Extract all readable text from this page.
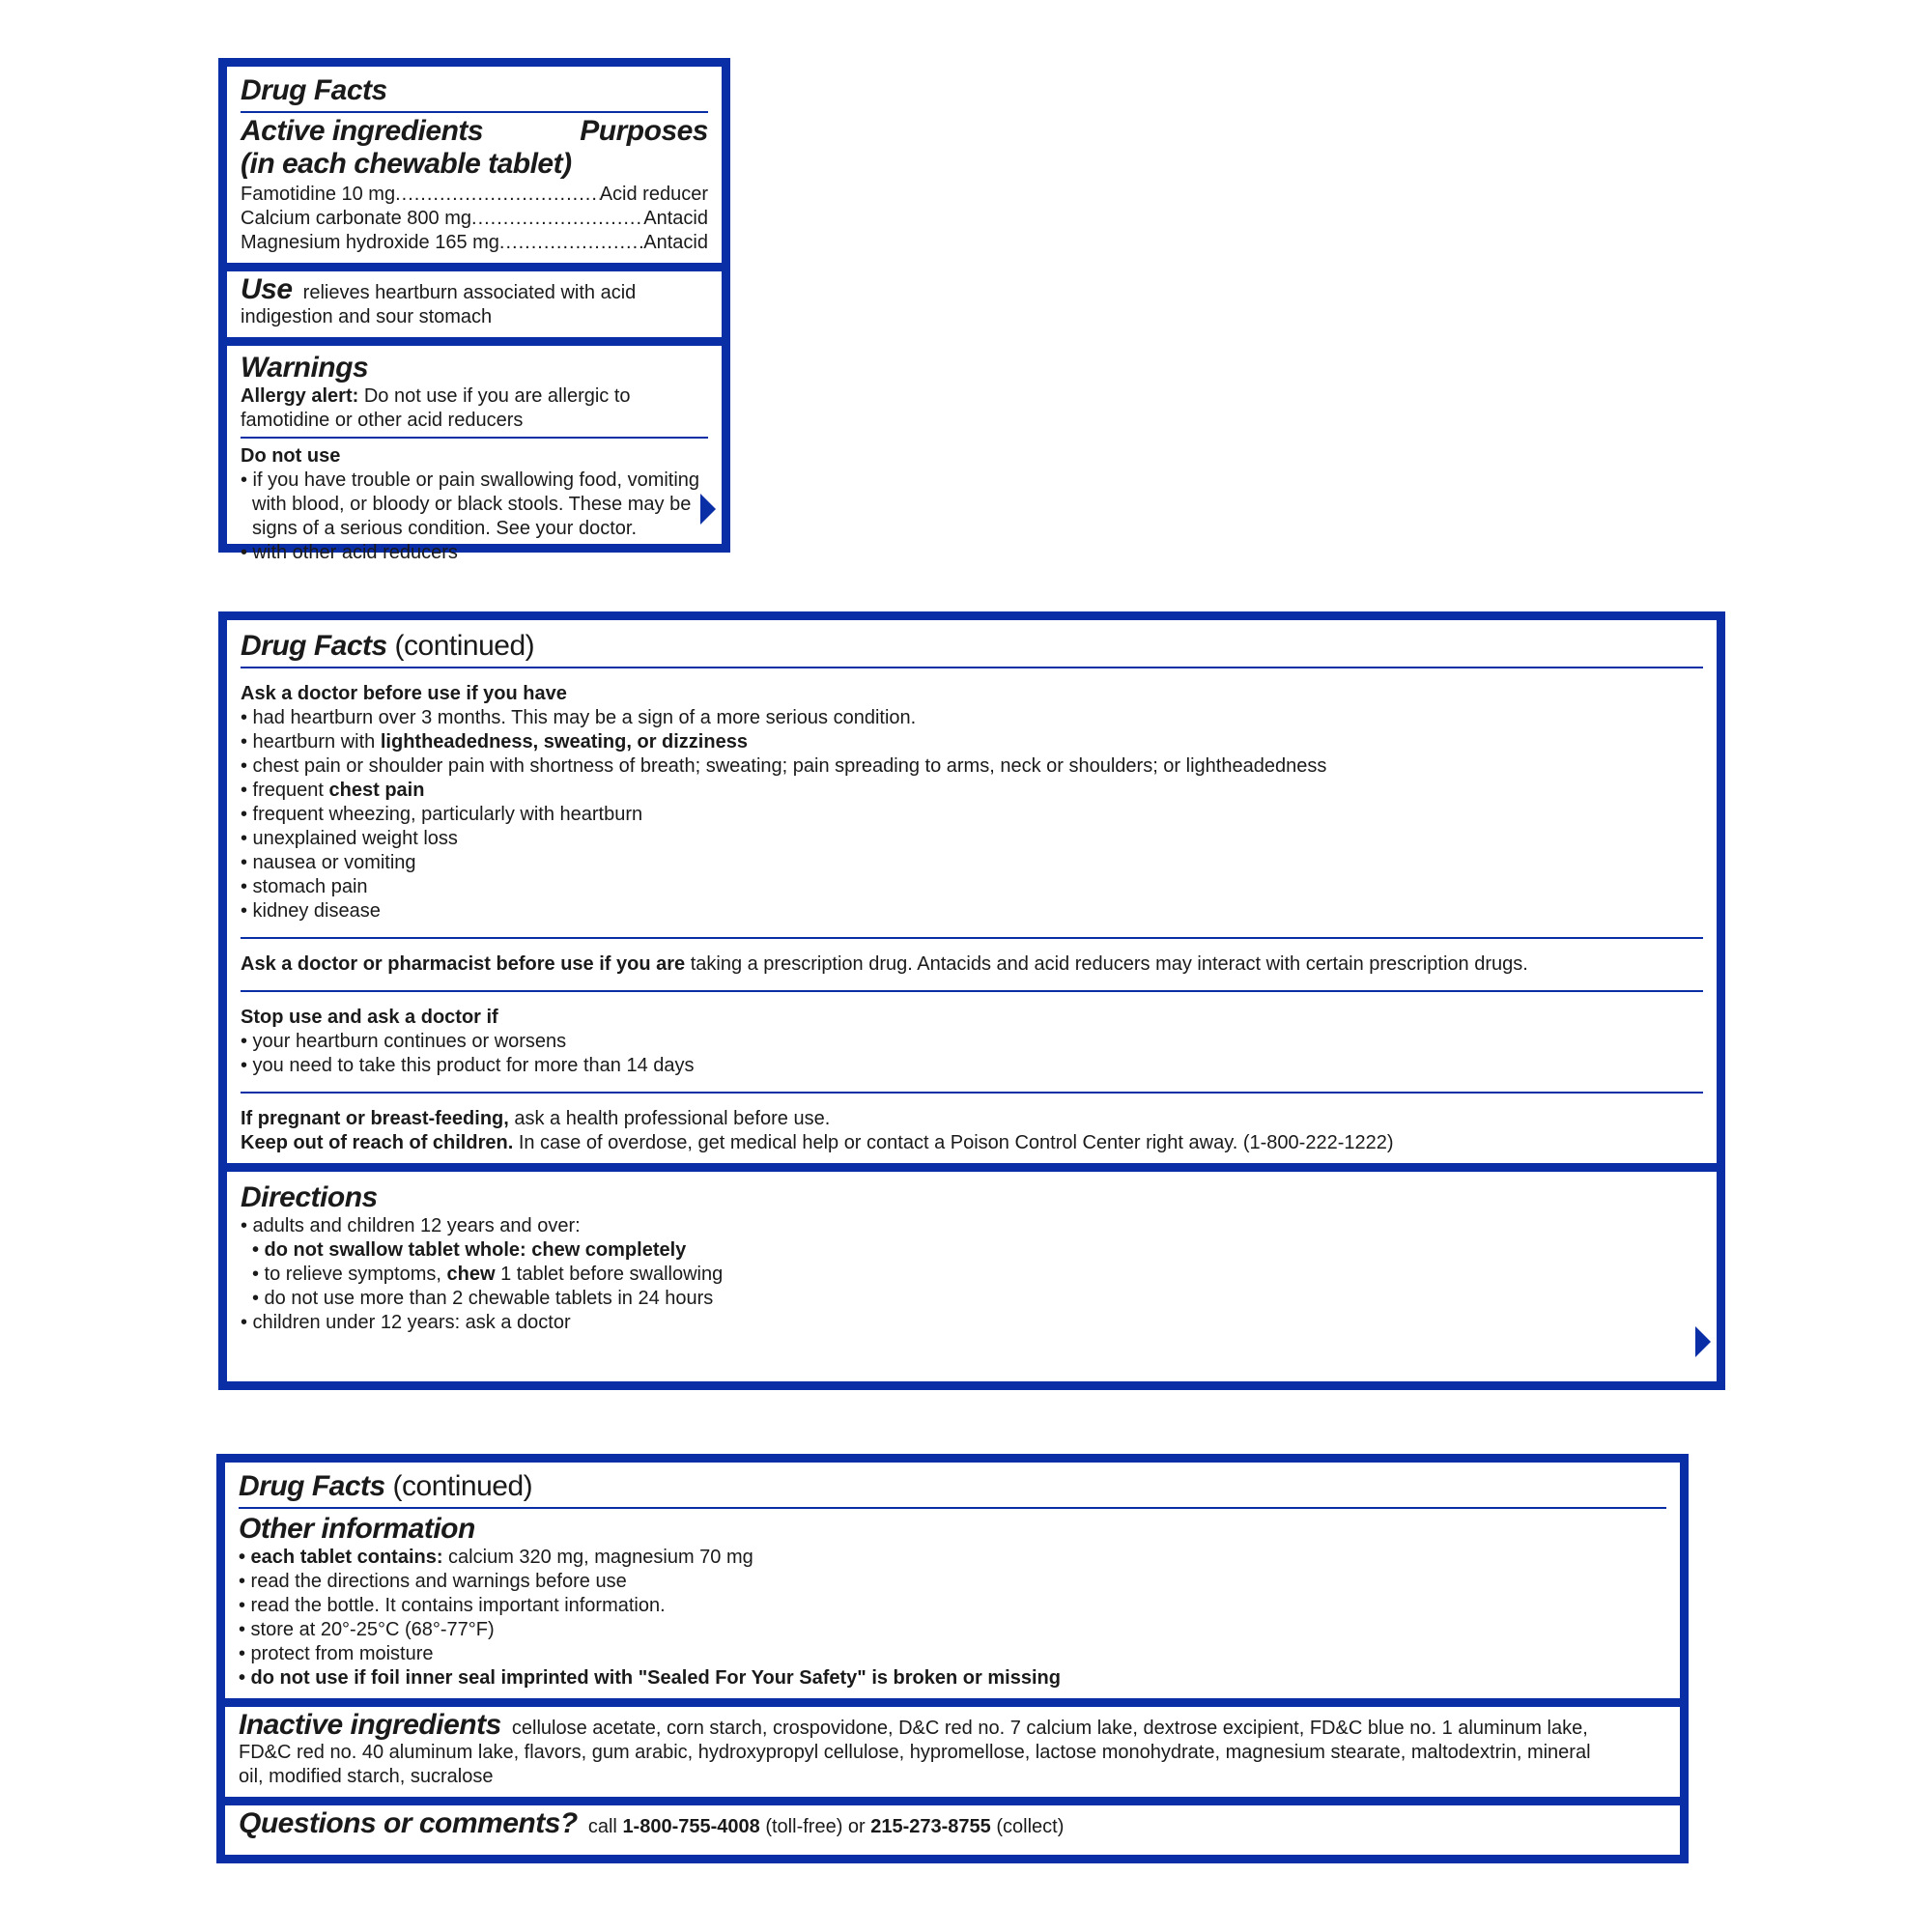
Drug Facts
Active ingredients	Purposes
(in each chewable tablet)
Famotidine 10 mg .....	Acid reducer
Calcium carbonate 800 mg .....	Antacid
Magnesium hydroxide 165 mg .....	Antacid
Use relieves heartburn associated with acid
indigestion and sour stomach
Warnings
Allergy alert: Do not use if you are allergic to
famotidine or other acid reducers
Do not use
• if you have trouble or pain swallowing food, vomiting
with blood, or bloody or black stools. These may be
signs of a serious condition. See your doctor.
• with other acid reducers
Drug Facts (continued)
Ask a doctor before use if you have
• had heartburn over 3 months. This may be a sign of a more serious condition.
• heartburn with lightheadedness, sweating, or dizziness
• chest pain or shoulder pain with shortness of breath; sweating; pain spreading to arms, neck or shoulders; or lightheadedness
• frequent chest pain
• frequent wheezing, particularly with heartburn
• unexplained weight loss
• nausea or vomiting
• stomach pain
• kidney disease
Ask a doctor or pharmacist before use if you are taking a prescription drug. Antacids and acid reducers may interact with certain prescription drugs.
Stop use and ask a doctor if
• your heartburn continues or worsens
• you need to take this product for more than 14 days
If pregnant or breast-feeding, ask a health professional before use.
Keep out of reach of children. In case of overdose, get medical help or contact a Poison Control Center right away. (1-800-222-1222)
Directions
• adults and children 12 years and over:
• do not swallow tablet whole: chew completely
• to relieve symptoms, chew 1 tablet before swallowing
• do not use more than 2 chewable tablets in 24 hours
• children under 12 years: ask a doctor
Drug Facts (continued)
Other information
• each tablet contains: calcium 320 mg, magnesium 70 mg
• read the directions and warnings before use
• read the bottle. It contains important information.
• store at 20°-25°C (68°-77°F)
• protect from moisture
• do not use if foil inner seal imprinted with "Sealed For Your Safety" is broken or missing
Inactive ingredients cellulose acetate, corn starch, crospovidone, D&C red no. 7 calcium lake, dextrose excipient, FD&C blue no. 1 aluminum lake,
FD&C red no. 40 aluminum lake, flavors, gum arabic, hydroxypropyl cellulose, hypromellose, lactose monohydrate, magnesium stearate, maltodextrin, mineral
oil, modified starch, sucralose
Questions or comments? call 1-800-755-4008 (toll-free) or 215-273-8755 (collect)
